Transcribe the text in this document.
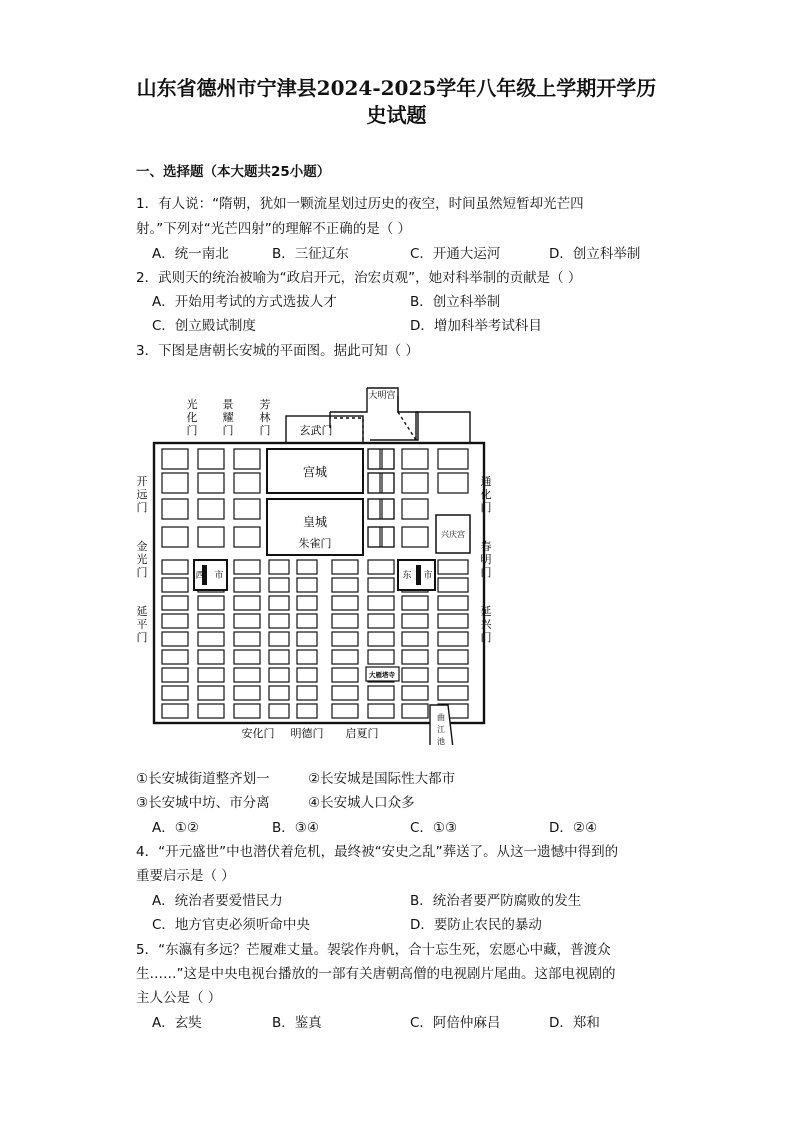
山东省德州市宁津县2024-2025学年八年级上学期开学历
史试题
一、选择题（本大题共25小题）
1．有人说：“隋朝，犹如一颗流星划过历史的夜空，时间虽然短暂却光芒四
射。”下列对“光芒四射”的理解不正确的是（ ）
A．统一南北	B．三征辽东	C．开通大运河	D．创立科举制
2．武则天的统治被喻为“政启开元，治宏贞观”，她对科举制的贡献是（ ）
A．开始用考试的方式选拔人才	B．创立科举制
C．创立殿试制度	D．增加科举考试科目
3．下图是唐朝长安城的平面图。据此可知（ ）
大明宫
玄武门
宫城
皇城
朱雀门
兴庆宫
西 市	东 市
大雁塔寺
曲
江
池
光
化
门
景
耀
门
芳
林
门
开
远
门
金
光
门
延
平
门
通
化
门
春
明
门
延
兴
门
安化门 明德门 启夏门
①长安城街道整齐划一	②长安城是国际性大都市
③长安城中坊、市分离	④长安城人口众多
A．①②	B．③④	C．①③	D．②④
4．“开元盛世”中也潜伏着危机，最终被“安史之乱”葬送了。从这一遗憾中得到的
重要启示是（ ）
A．统治者要爱惜民力	B．统治者要严防腐败的发生
C．地方官吏必须听命中央	D．要防止农民的暴动
5．“东瀛有多远？芒履难丈量。袈裟作舟帆，合十忘生死，宏愿心中藏，普渡众
生……”这是中央电视台播放的一部有关唐朝高僧的电视剧片尾曲。这部电视剧的
主人公是（ ）
A．玄奘	B．鉴真	C．阿倍仲麻吕	D．郑和
